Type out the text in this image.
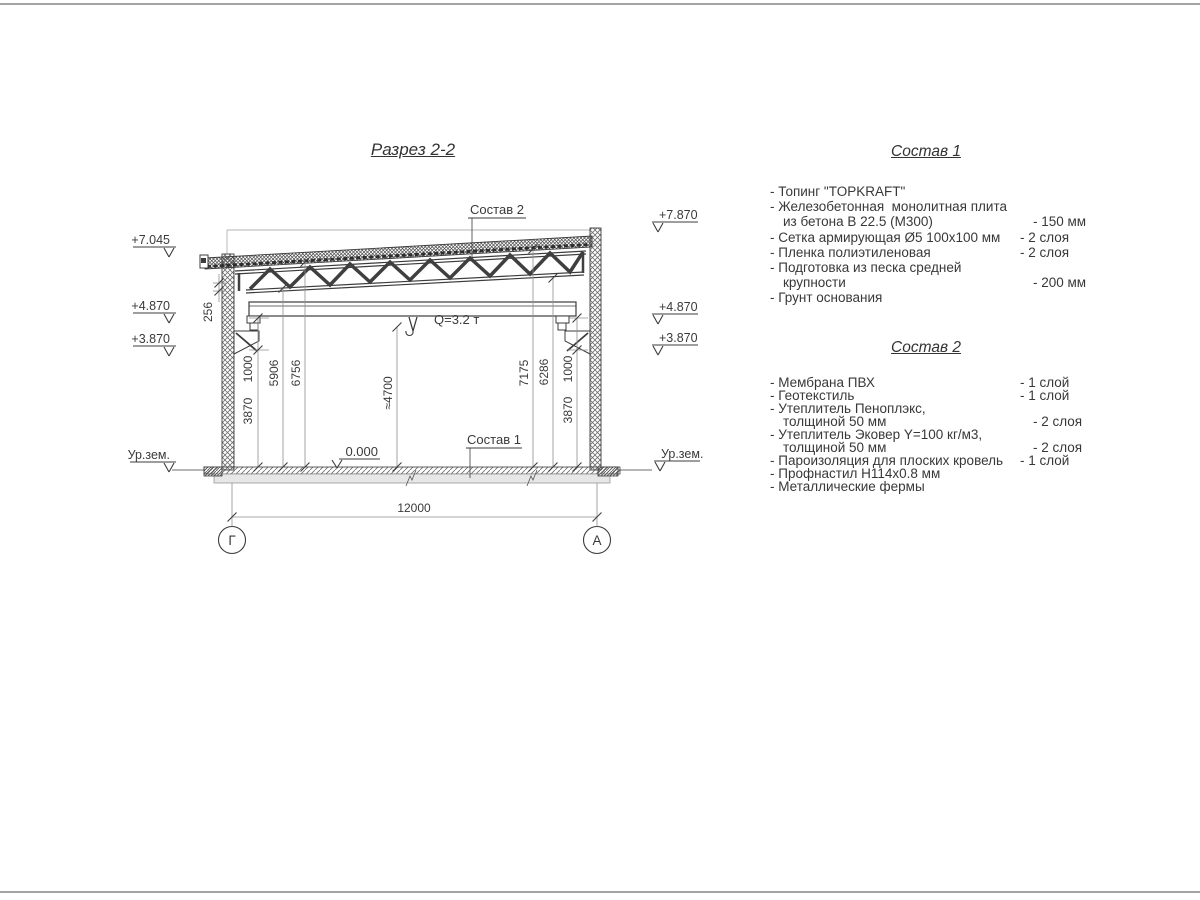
Разрез 2-2
Q=3.2 т
256
1000
3870
5906 6756
≈4700
7175 6286 1000
3870
12000
Г	А
Состав 2
Состав 1
0.000
+7.045
+4.870
+3.870
Ур.зем.
+7.870
+4.870
+3.870
Ур.зем.
Состав 1
- Топинг "TOPKRAFT"
- Железобетонная  монолитная плита
из бетона В 22.5 (М300)	- 150 мм
- Сетка армирующая Ø5 100x100 мм	- 2 слоя
- Пленка полиэтиленовая	- 2 слоя
- Подготовка из песка средней
крупности	- 200 мм
- Грунт основания
Состав 2
- Мембрана ПВХ	- 1 слой
- Геотекстиль	- 1 слой
- Утеплитель Пеноплэкс,
толщиной 50 мм	- 2 слоя
- Утеплитель Эковер Y=100 кг/м3,
толщиной 50 мм	- 2 слоя
- Пароизоляция для плоских кровель	- 1 слой
- Профнастил Н114х0.8 мм
- Металлические фермы
